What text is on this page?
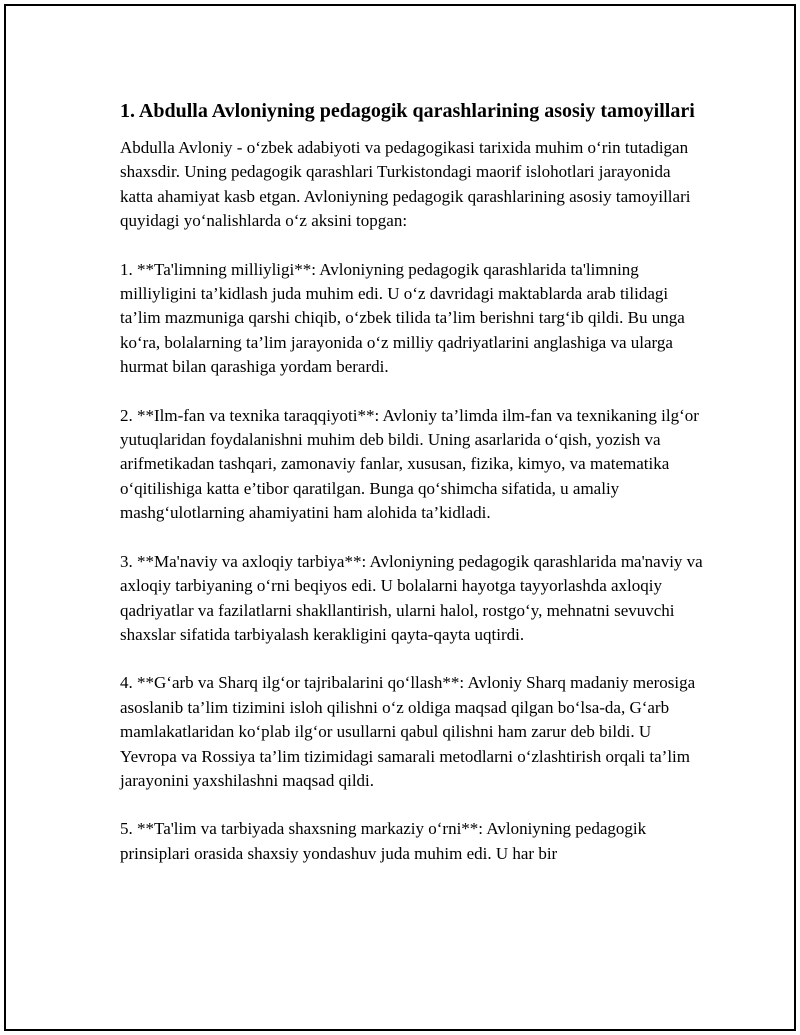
1. Abdulla Avloniyning pedagogik qarashlarining asosiy tamoyillari

Abdulla Avloniy - oʻzbek adabiyoti va pedagogikasi tarixida muhim oʻrin tutadigan shaxsdir. Uning pedagogik qarashlari Turkistondagi maorif islohotlari jarayonida katta ahamiyat kasb etgan. Avloniyning pedagogik qarashlarining asosiy tamoyillari quyidagi yoʻnalishlarda oʻz aksini topgan:

1. **Ta'limning milliyligi**: Avloniyning pedagogik qarashlarida ta'limning milliyligini ta’kidlash juda muhim edi. U oʻz davridagi maktablarda arab tilidagi ta’lim mazmuniga qarshi chiqib, oʻzbek tilida ta’lim berishni targʻib qildi. Bu unga koʻra, bolalarning ta’lim jarayonida oʻz milliy qadriyatlarini anglashiga va ularga hurmat bilan qarashiga yordam berardi.

2. **Ilm-fan va texnika taraqqiyoti**: Avloniy ta’limda ilm-fan va texnikaning ilgʻor yutuqlaridan foydalanishni muhim deb bildi. Uning asarlarida oʻqish, yozish va arifmetikadan tashqari, zamonaviy fanlar, xususan, fizika, kimyo, va matematika oʻqitilishiga katta e’tibor qaratilgan. Bunga qoʻshimcha sifatida, u amaliy mashgʻulotlarning ahamiyatini ham alohida ta’kidladi.

3. **Ma'naviy va axloqiy tarbiya**: Avloniyning pedagogik qarashlarida ma'naviy va axloqiy tarbiyaning oʻrni beqiyos edi. U bolalarni hayotga tayyorlashda axloqiy qadriyatlar va fazilatlarni shakllantirish, ularni halol, rostgoʻy, mehnatni sevuvchi shaxslar sifatida tarbiyalash kerakligini qayta-qayta uqtirdi.

4. **Gʻarb va Sharq ilgʻor tajribalarini qoʻllash**: Avloniy Sharq madaniy merosiga asoslanib ta’lim tizimini isloh qilishni oʻz oldiga maqsad qilgan boʻlsa-da, Gʻarb mamlakatlaridan koʻplab ilgʻor usullarni qabul qilishni ham zarur deb bildi. U Yevropa va Rossiya ta’lim tizimidagi samarali metodlarni oʻzlashtirish orqali ta’lim jarayonini yaxshilashni maqsad qildi.

5. **Ta'lim va tarbiyada shaxsning markaziy oʻrni**: Avloniyning pedagogik prinsiplari orasida shaxsiy yondashuv juda muhim edi. U har bir
